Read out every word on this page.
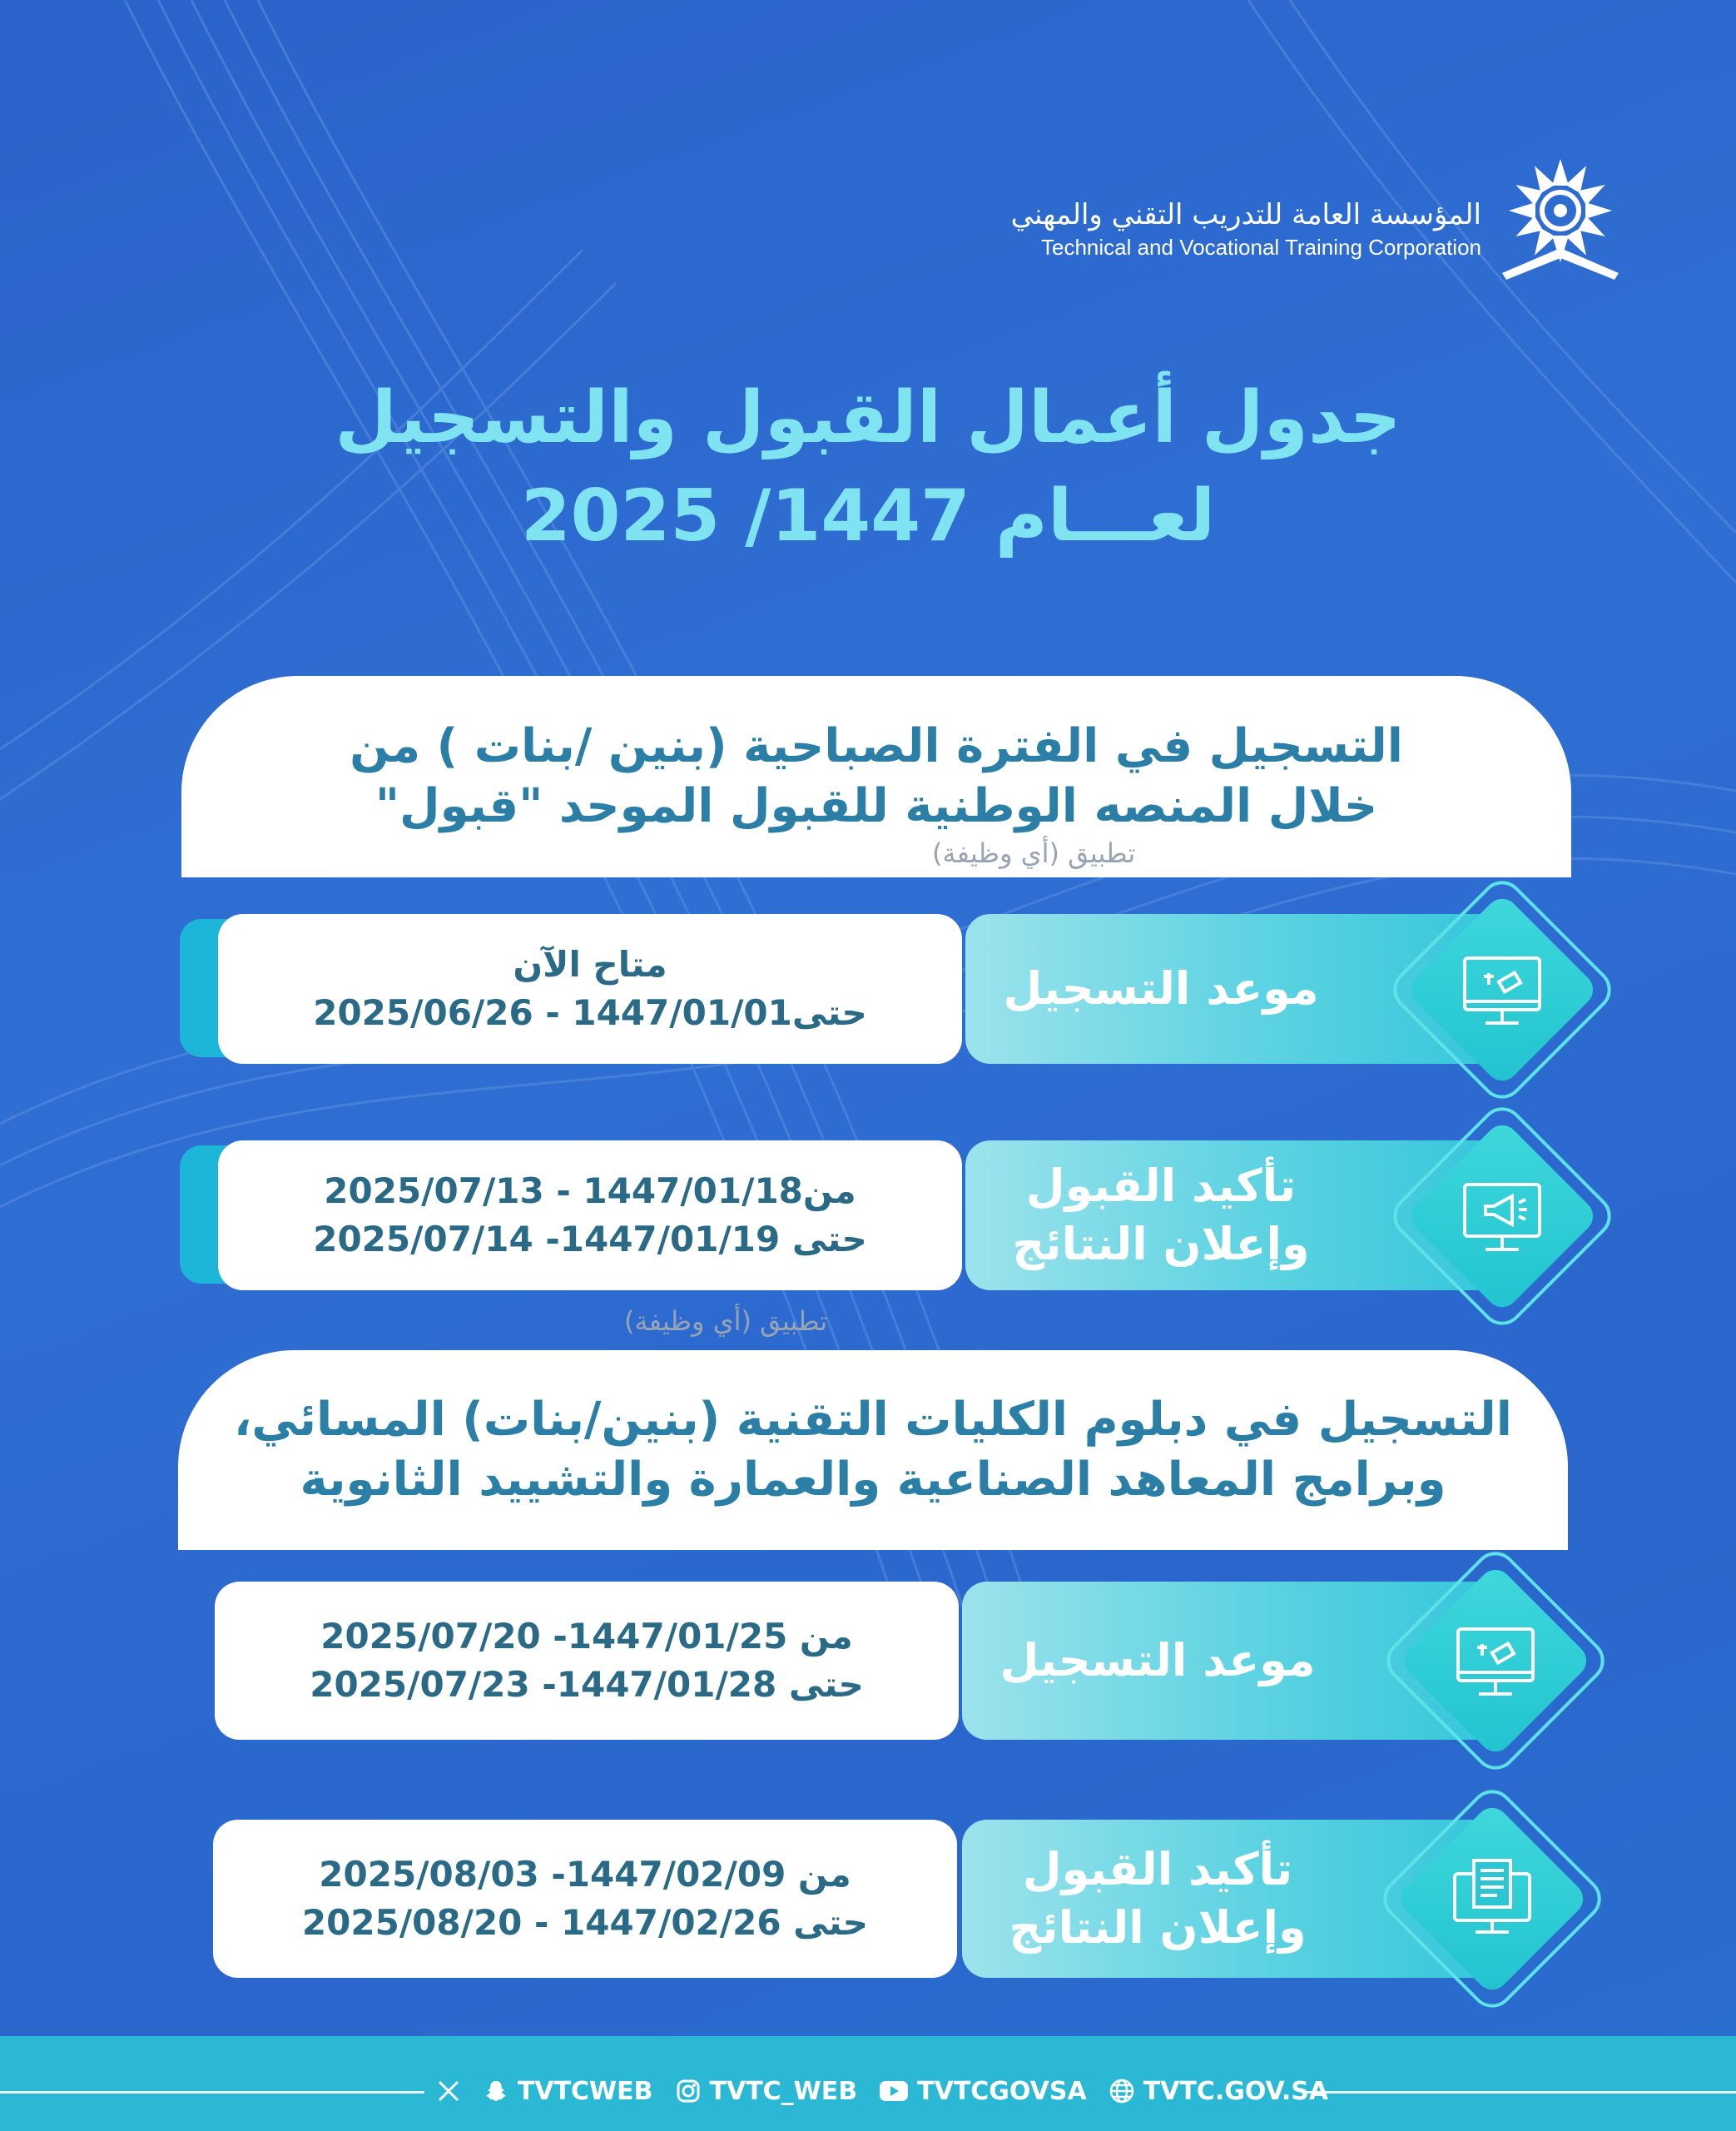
المؤسسة العامة للتدريب التقني والمهني
Technical and Vocational Training Corporation
جدول أعمال القبول والتسجيل
لعـــام 1447/ 2025
التسجيل في الفترة الصباحية (بنين /بنات ) من
خلال المنصه الوطنية للقبول الموحد "قبول"
تطبيق (أي وظيفة)
متاح الآن
حتى1447/01/01 - 2025/06/26	موعد التسجيل
من1447/01/18 - 2025/07/13
حتى 1447/01/19- 2025/07/14
تأكيد القبول
وإعلان النتائج
تطبيق (أي وظيفة)
التسجيل في دبلوم الكليات التقنية (بنين/بنات) المسائي،
وبرامج المعاهد الصناعية والعمارة والتشييد الثانوية
من 1447/01/25- 2025/07/20
حتى 1447/01/28- 2025/07/23	موعد التسجيل
من 1447/02/09- 2025/08/03
حتى 1447/02/26 - 2025/08/20
تأكيد القبول
وإعلان النتائج
TVTCWEB TVTC_WEB TVTCGOVSA TVTC.GOV.SA
